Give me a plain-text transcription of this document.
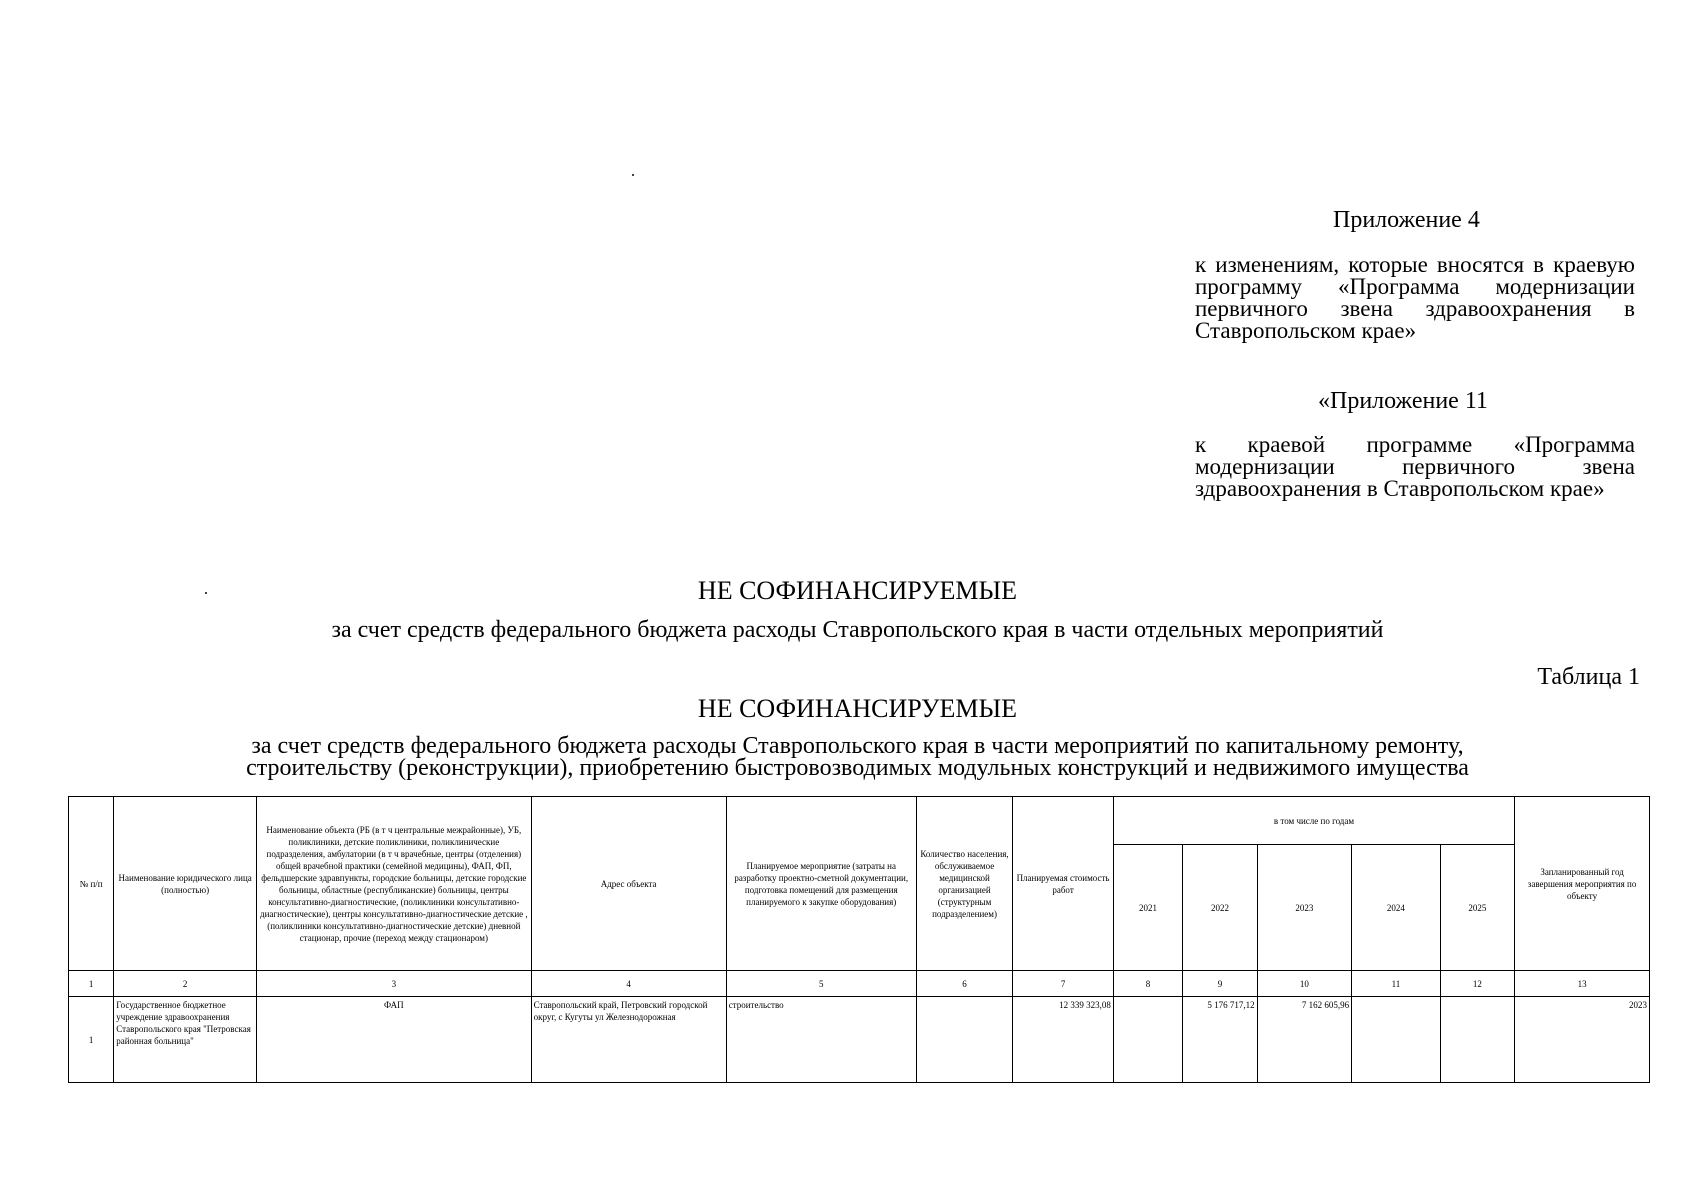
Приложение 4
к изменениям, которые вносятся в краевую программу «Программа модернизации первичного звена здравоохранения в Ставропольском крае»
«Приложение 11
к краевой программе «Программа модернизации первичного звена здравоохранения в Ставропольском крае»
НЕ СОФИНАНСИРУЕМЫЕ
за счет средств федерального бюджета расходы Ставропольского края в части отдельных мероприятий
Таблица 1
НЕ СОФИНАНСИРУЕМЫЕ
за счет средств федерального бюджета расходы Ставропольского края в части мероприятий по капитальному ремонту,
строительству (реконструкции), приобретению быстровозводимых модульных конструкций и недвижимого имущества
№ п/п	Наименование юридического лица (полностью)	Наименование объекта (РБ (в т ч центральные межрайонные), УБ, поликлиники, детские поликлиники, поликлинические подразделения, амбулатории (в т ч врачебные, центры (отделения) общей врачебной практики (семейной медицины), ФАП, ФП, фельдшерские здравпункты, городские больницы, детские городские больницы, областные (республиканские) больницы, центры консультативно-диагностические, (поликлиники консультативно-диагностические), центры консультативно-диагностические детские , (поликлиники консультативно-диагностические детские) дневной стационар, прочие (переход между стационаром)	Адрес объекта	Планируемое мероприятие (затраты на разработку проектно-сметной документации, подготовка помещений для размещения планируемого к закупке оборудования)	Количество населения, обслуживаемое медицинской организацией (структурным подразделением)	Планируемая стоимость работ	в том числе по годам					Запланированный год завершения мероприятия по объекту
							2021	2022	2023	2024	2025	
1	2	3	4	5	6	7	8	9	10	11	12	13
1	Государственное бюджетное учреждение здравоохранения Ставропольского края "Петровская районная больница"	ФАП	Ставропольский край, Петровский городской округ, с Кугуты ул Железнодорожная	строительство		12 339 323,08		5 176 717,12	7 162 605,96			2023
